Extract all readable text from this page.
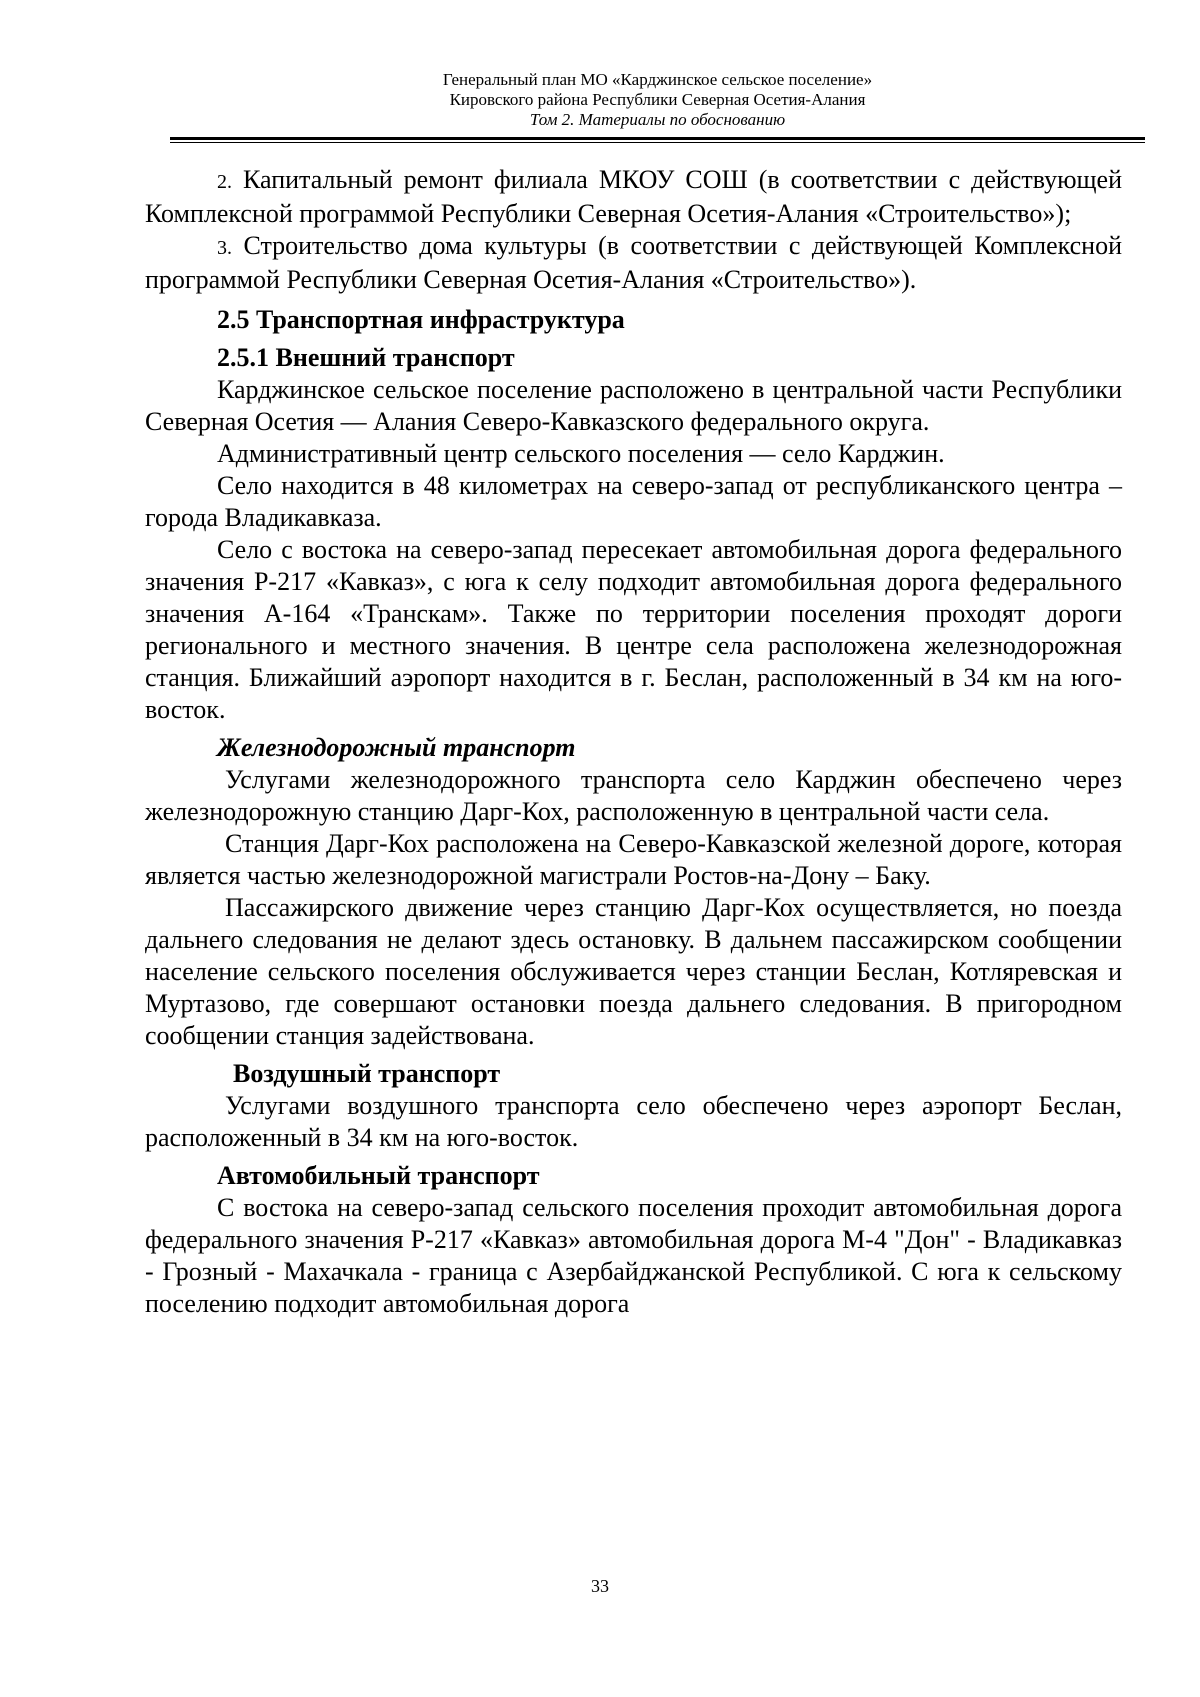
Генеральный план МО «Карджинское сельское поселение»
Кировского района Республики Северная Осетия-Алания
Том 2. Материалы по обоснованию

2. Капитальный ремонт филиала МКОУ СОШ (в соответствии с действующей Комплексной программой Республики Северная Осетия-Алания «Строительство»);

3. Строительство дома культуры (в соответствии с действующей Комплексной программой Республики Северная Осетия-Алания «Строительство»).

2.5 Транспортная инфраструктура

2.5.1 Внешний транспорт

Карджинское сельское поселение расположено в центральной части Республики Северная Осетия — Алания Северо-Кавказского федерального округа.

Административный центр сельского поселения — село Карджин.

Село находится в 48 километрах на северо-запад от республиканского центра – города Владикавказа.

Село с востока на северо-запад пересекает автомобильная дорога федерального значения Р-217 «Кавказ», с юга к селу подходит автомобильная дорога федерального значения А-164 «Транскам». Также по территории поселения проходят дороги регионального и местного значения. В центре села расположена железнодорожная станция. Ближайший аэропорт находится в г. Беслан, расположенный в 34 км на юго-восток.

Железнодорожный транспорт

Услугами железнодорожного транспорта село Карджин обеспечено через железнодорожную станцию Дарг-Кох, расположенную в центральной части села.

Станция Дарг-Кох расположена на Северо-Кавказской железной дороге, которая является частью железнодорожной магистрали Ростов-на-Дону – Баку.

Пассажирского движение через станцию Дарг-Кох осуществляется, но поезда дальнего следования не делают здесь остановку. В дальнем пассажирском сообщении население сельского поселения обслуживается через станции Беслан, Котляревская и Муртазово, где совершают остановки поезда дальнего следования. В пригородном сообщении станция задействована.

Воздушный транспорт

Услугами воздушного транспорта село обеспечено через аэропорт Беслан, расположенный в 34 км на юго-восток.

Автомобильный транспорт

С востока на северо-запад сельского поселения проходит автомобильная дорога федерального значения Р-217 «Кавказ» автомобильная дорога М-4 "Дон" - Владикавказ - Грозный - Махачкала - граница с Азербайджанской Республикой. С юга к сельскому поселению подходит автомобильная дорога

33
